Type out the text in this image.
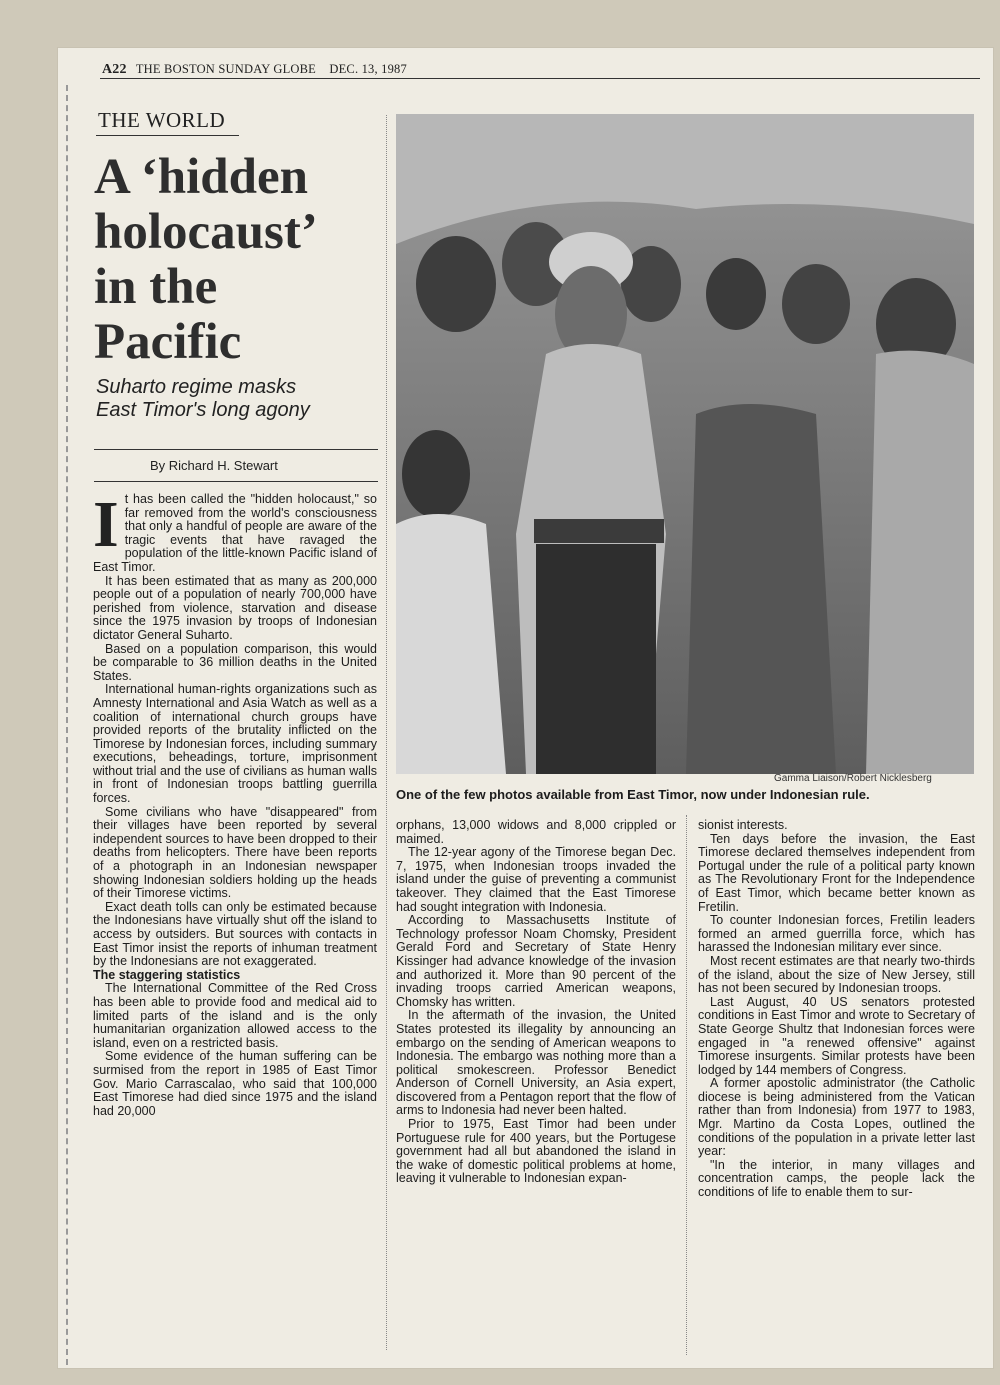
A22 THE BOSTON SUNDAY GLOBE DEC. 13, 1987
THE WORLD
A ‘hidden
holocaust’
in the
Pacific
Suharto regime masks
East Timor's long agony
By Richard H. Stewart
I t has been called the "hidden holocaust," so far removed from the world's consciousness that only a handful of people are aware of the tragic events that have ravaged the population of the little-known Pacific island of East Timor.

It has been estimated that as many as 200,000 people out of a population of nearly 700,000 have perished from violence, starvation and disease since the 1975 invasion by troops of Indonesian dictator General Suharto.

Based on a population comparison, this would be comparable to 36 million deaths in the United States.

International human-rights organizations such as Amnesty International and Asia Watch as well as a coalition of international church groups have provided reports of the brutality inflicted on the Timorese by Indonesian forces, including summary executions, beheadings, torture, imprisonment without trial and the use of civilians as human walls in front of Indonesian troops battling guerrilla forces.

Some civilians who have "disappeared" from their villages have been reported by several independent sources to have been dropped to their deaths from helicopters. There have been reports of a photograph in an Indonesian newspaper showing Indonesian soldiers holding up the heads of their Timorese victims.

Exact death tolls can only be estimated because the Indonesians have virtually shut off the island to access by outsiders. But sources with contacts in East Timor insist the reports of inhuman treatment by the Indonesians are not exaggerated.

The staggering statistics

The International Committee of the Red Cross has been able to provide food and medical aid to limited parts of the island and is the only humanitarian organization allowed access to the island, even on a restricted basis.

Some evidence of the human suffering can be surmised from the report in 1985 of East Timor Gov. Mario Carrascalao, who said that 100,000 East Timorese had died since 1975 and the island had 20,000

Gamma Liaison/Robert Nicklesberg
One of the few photos available from East Timor, now under Indonesian rule.

orphans, 13,000 widows and 8,000 crippled or maimed.

The 12-year agony of the Timorese began Dec. 7, 1975, when Indonesian troops invaded the island under the guise of preventing a communist takeover. They claimed that the East Timorese had sought integration with Indonesia.

According to Massachusetts Institute of Technology professor Noam Chomsky, President Gerald Ford and Secretary of State Henry Kissinger had advance knowledge of the invasion and authorized it. More than 90 percent of the invading troops carried American weapons, Chomsky has written.

In the aftermath of the invasion, the United States protested its illegality by announcing an embargo on the sending of American weapons to Indonesia. The embargo was nothing more than a political smokescreen. Professor Benedict Anderson of Cornell University, an Asia expert, discovered from a Pentagon report that the flow of arms to Indonesia had never been halted.

Prior to 1975, East Timor had been under Portuguese rule for 400 years, but the Portugese government had all but abandoned the island in the wake of domestic political problems at home, leaving it vulnerable to Indonesian expan-

sionist interests.

Ten days before the invasion, the East Timorese declared themselves independent from Portugal under the rule of a political party known as The Revolutionary Front for the Independence of East Timor, which became better known as Fretilin.

To counter Indonesian forces, Fretilin leaders formed an armed guerrilla force, which has harassed the Indonesian military ever since.

Most recent estimates are that nearly two-thirds of the island, about the size of New Jersey, still has not been secured by Indonesian troops.

Last August, 40 US senators protested conditions in East Timor and wrote to Secretary of State George Shultz that Indonesian forces were engaged in "a renewed offensive" against Timorese insurgents. Similar protests have been lodged by 144 members of Congress.

A former apostolic administrator (the Catholic diocese is being administered from the Vatican rather than from Indonesia) from 1977 to 1983, Mgr. Martino da Costa Lopes, outlined the conditions of the population in a private letter last year:

"In the interior, in many villages and concentration camps, the people lack the conditions of life to enable them to sur-
